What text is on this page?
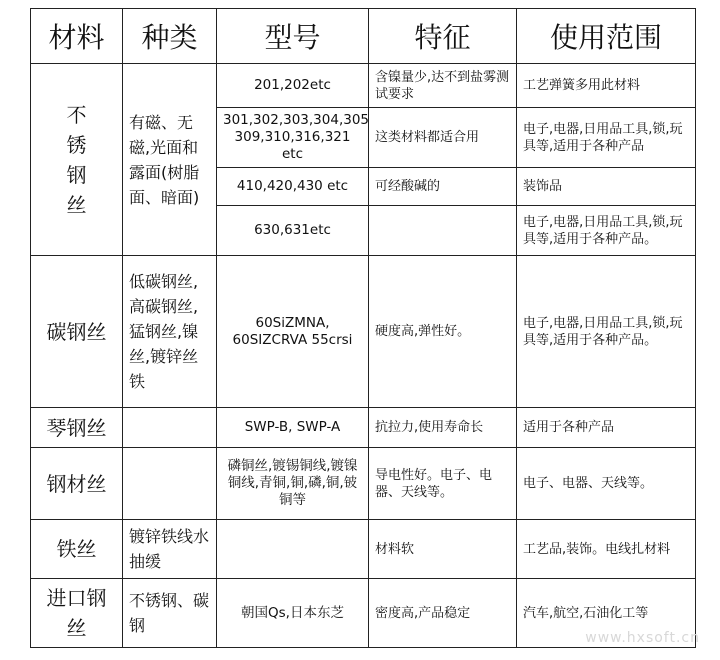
材料	种类	型号	特征	使用范围
不锈钢丝	有磁、无磁,光面和露面(树脂面、暗面)	201,202etc	含镍量少,达不到盐雾测试要求	工艺弹簧多用此材料
		301,302,303,304,305 309,310,316,321 etc	这类材料都适合用	电子,电器,日用品工具,锁,玩具等,适用于各种产品
		410,420,430 etc	可经酸碱的	装饰品
		630,631etc		电子,电器,日用品工具,锁,玩具等,适用于各种产品。
碳钢丝	低碳钢丝,高碳钢丝,猛钢丝,镍丝,镀锌丝铁	60SiZMNA, 60SIZCRVA 55crsi	硬度高,弹性好。	电子,电器,日用品工具,锁,玩具等,适用于各种产品。
琴钢丝		SWP-B, SWP-A	抗拉力,使用寿命长	适用于各种产品
钢材丝		磷铜丝,镀锡铜线,镀镍铜线,青铜,铜,磷,铜,铍铜等	导电性好。电子、电器、天线等。	电子、电器、天线等。
铁丝	镀锌铁线水抽缓		材料软	工艺品,装饰。电线扎材料
进口钢丝	不锈钢、碳钢	朝国Qs,日本东芝	密度高,产品稳定	汽车,航空,石油化工等
www.hxsoft.cn
